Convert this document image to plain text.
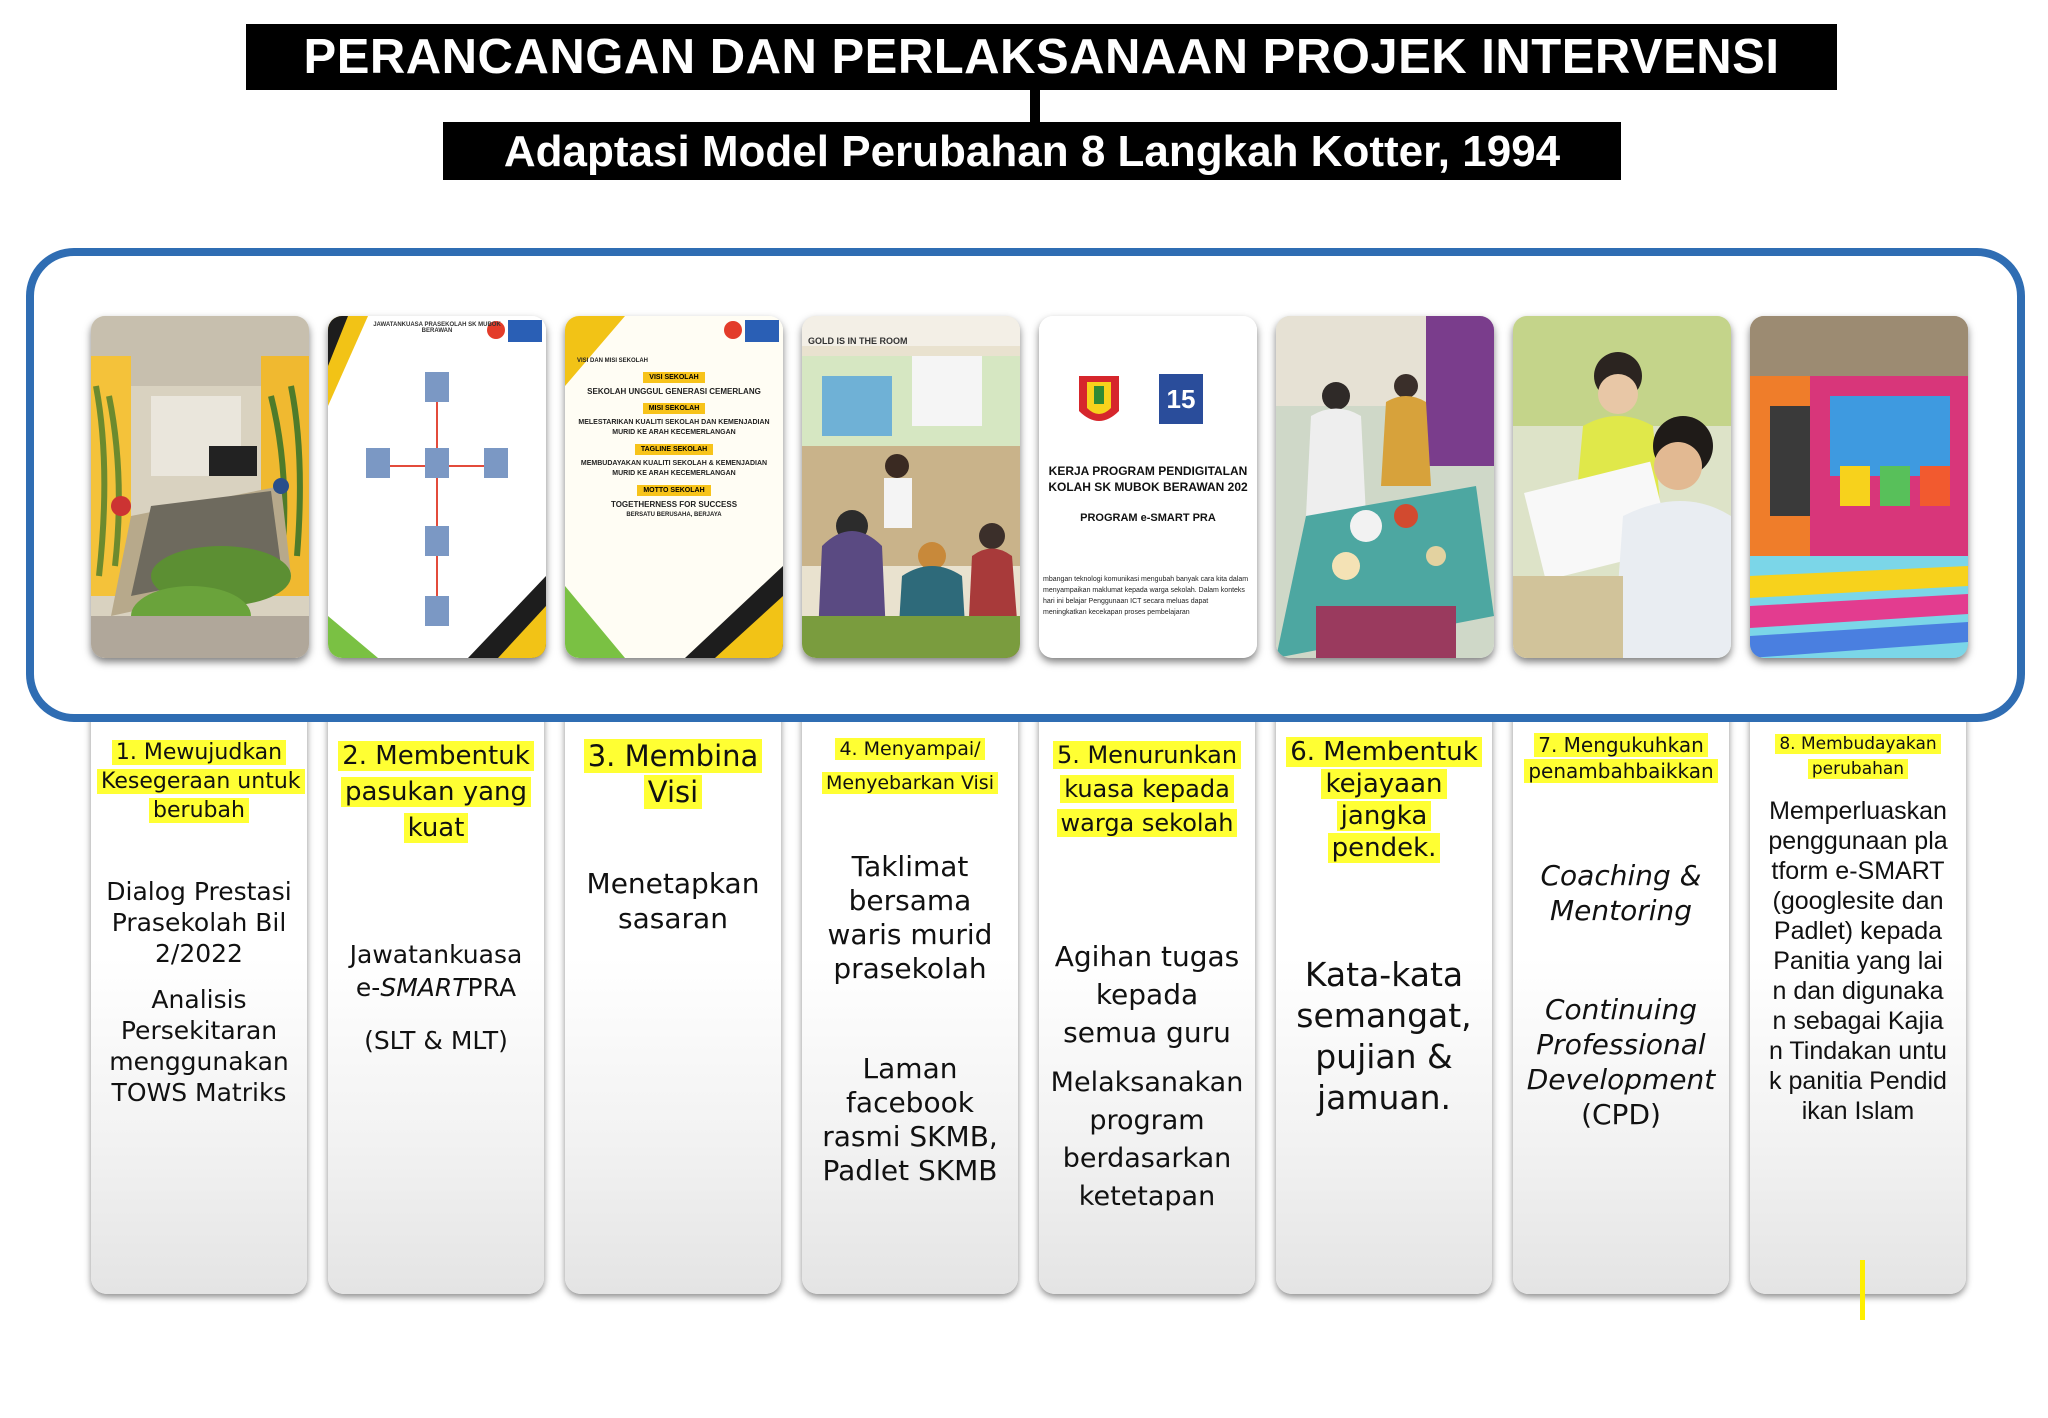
PERANCANGAN DAN PERLAKSANAAN PROJEK INTERVENSI
Adaptasi Model Perubahan 8 Langkah Kotter, 1994
1. Mewujudkan Kesegeraan untuk berubah
Dialog Prestasi Prasekolah Bil 2/2022
Analisis Persekitaran menggunakan TOWS Matriks
2. Membentuk pasukan yang kuat
Jawatankuasa e-SMARTPRA
(SLT & MLT)
3. Membina Visi
Menetapkan sasaran
4. Menyampai/ Menyebarkan Visi
Taklimat bersama waris murid prasekolah
Laman facebook rasmi SKMB, Padlet SKMB
5. Menurunkan kuasa kepada warga sekolah
Agihan tugas kepada semua guru
Melaksanakan program berdasarkan ketetapan
6. Membentuk kejayaan jangka pendek.
Kata-kata semangat, pujian & jamuan.
7. Mengukuhkan penambahbaikkan
Coaching & Mentoring
Continuing Professional Development
(CPD)
8. Membudayakan perubahan
Memperluaskan penggunaan platform e-SMART (googlesite dan Padlet) kepada Panitia yang lain dan digunakan sebagai Kajian Tindakan untuk panitia Pendidikan Islam
JAWATANKUASA PRASEKOLAH SK MUBOK BERAWAN
VISI DAN MISI SEKOLAH
VISI SEKOLAH
SEKOLAH UNGGUL GENERASI CEMERLANG
MISI SEKOLAH
MELESTARIKAN KUALITI SEKOLAH DAN KEMENJADIAN MURID KE ARAH KECEMERLANGAN
TAGLINE SEKOLAH
MEMBUDAYAKAN KUALITI SEKOLAH & KEMENJADIAN MURID KE ARAH KECEMERLANGAN
MOTTO SEKOLAH
TOGETHERNESS FOR SUCCESS
BERSATU BERUSAHA, BERJAYA
GOLD IS IN THE ROOM
15
KERJA PROGRAM PENDIGITALAN
KOLAH SK MUBOK BERAWAN 202
PROGRAM e-SMART PRA
mbangan teknologi komunikasi mengubah banyak cara kita dalam menyampaikan maklumat kepada warga sekolah. Dalam konteks hari ini belajar Penggunaan ICT secara meluas dapat meningkatkan kecekapan proses pembelajaran
